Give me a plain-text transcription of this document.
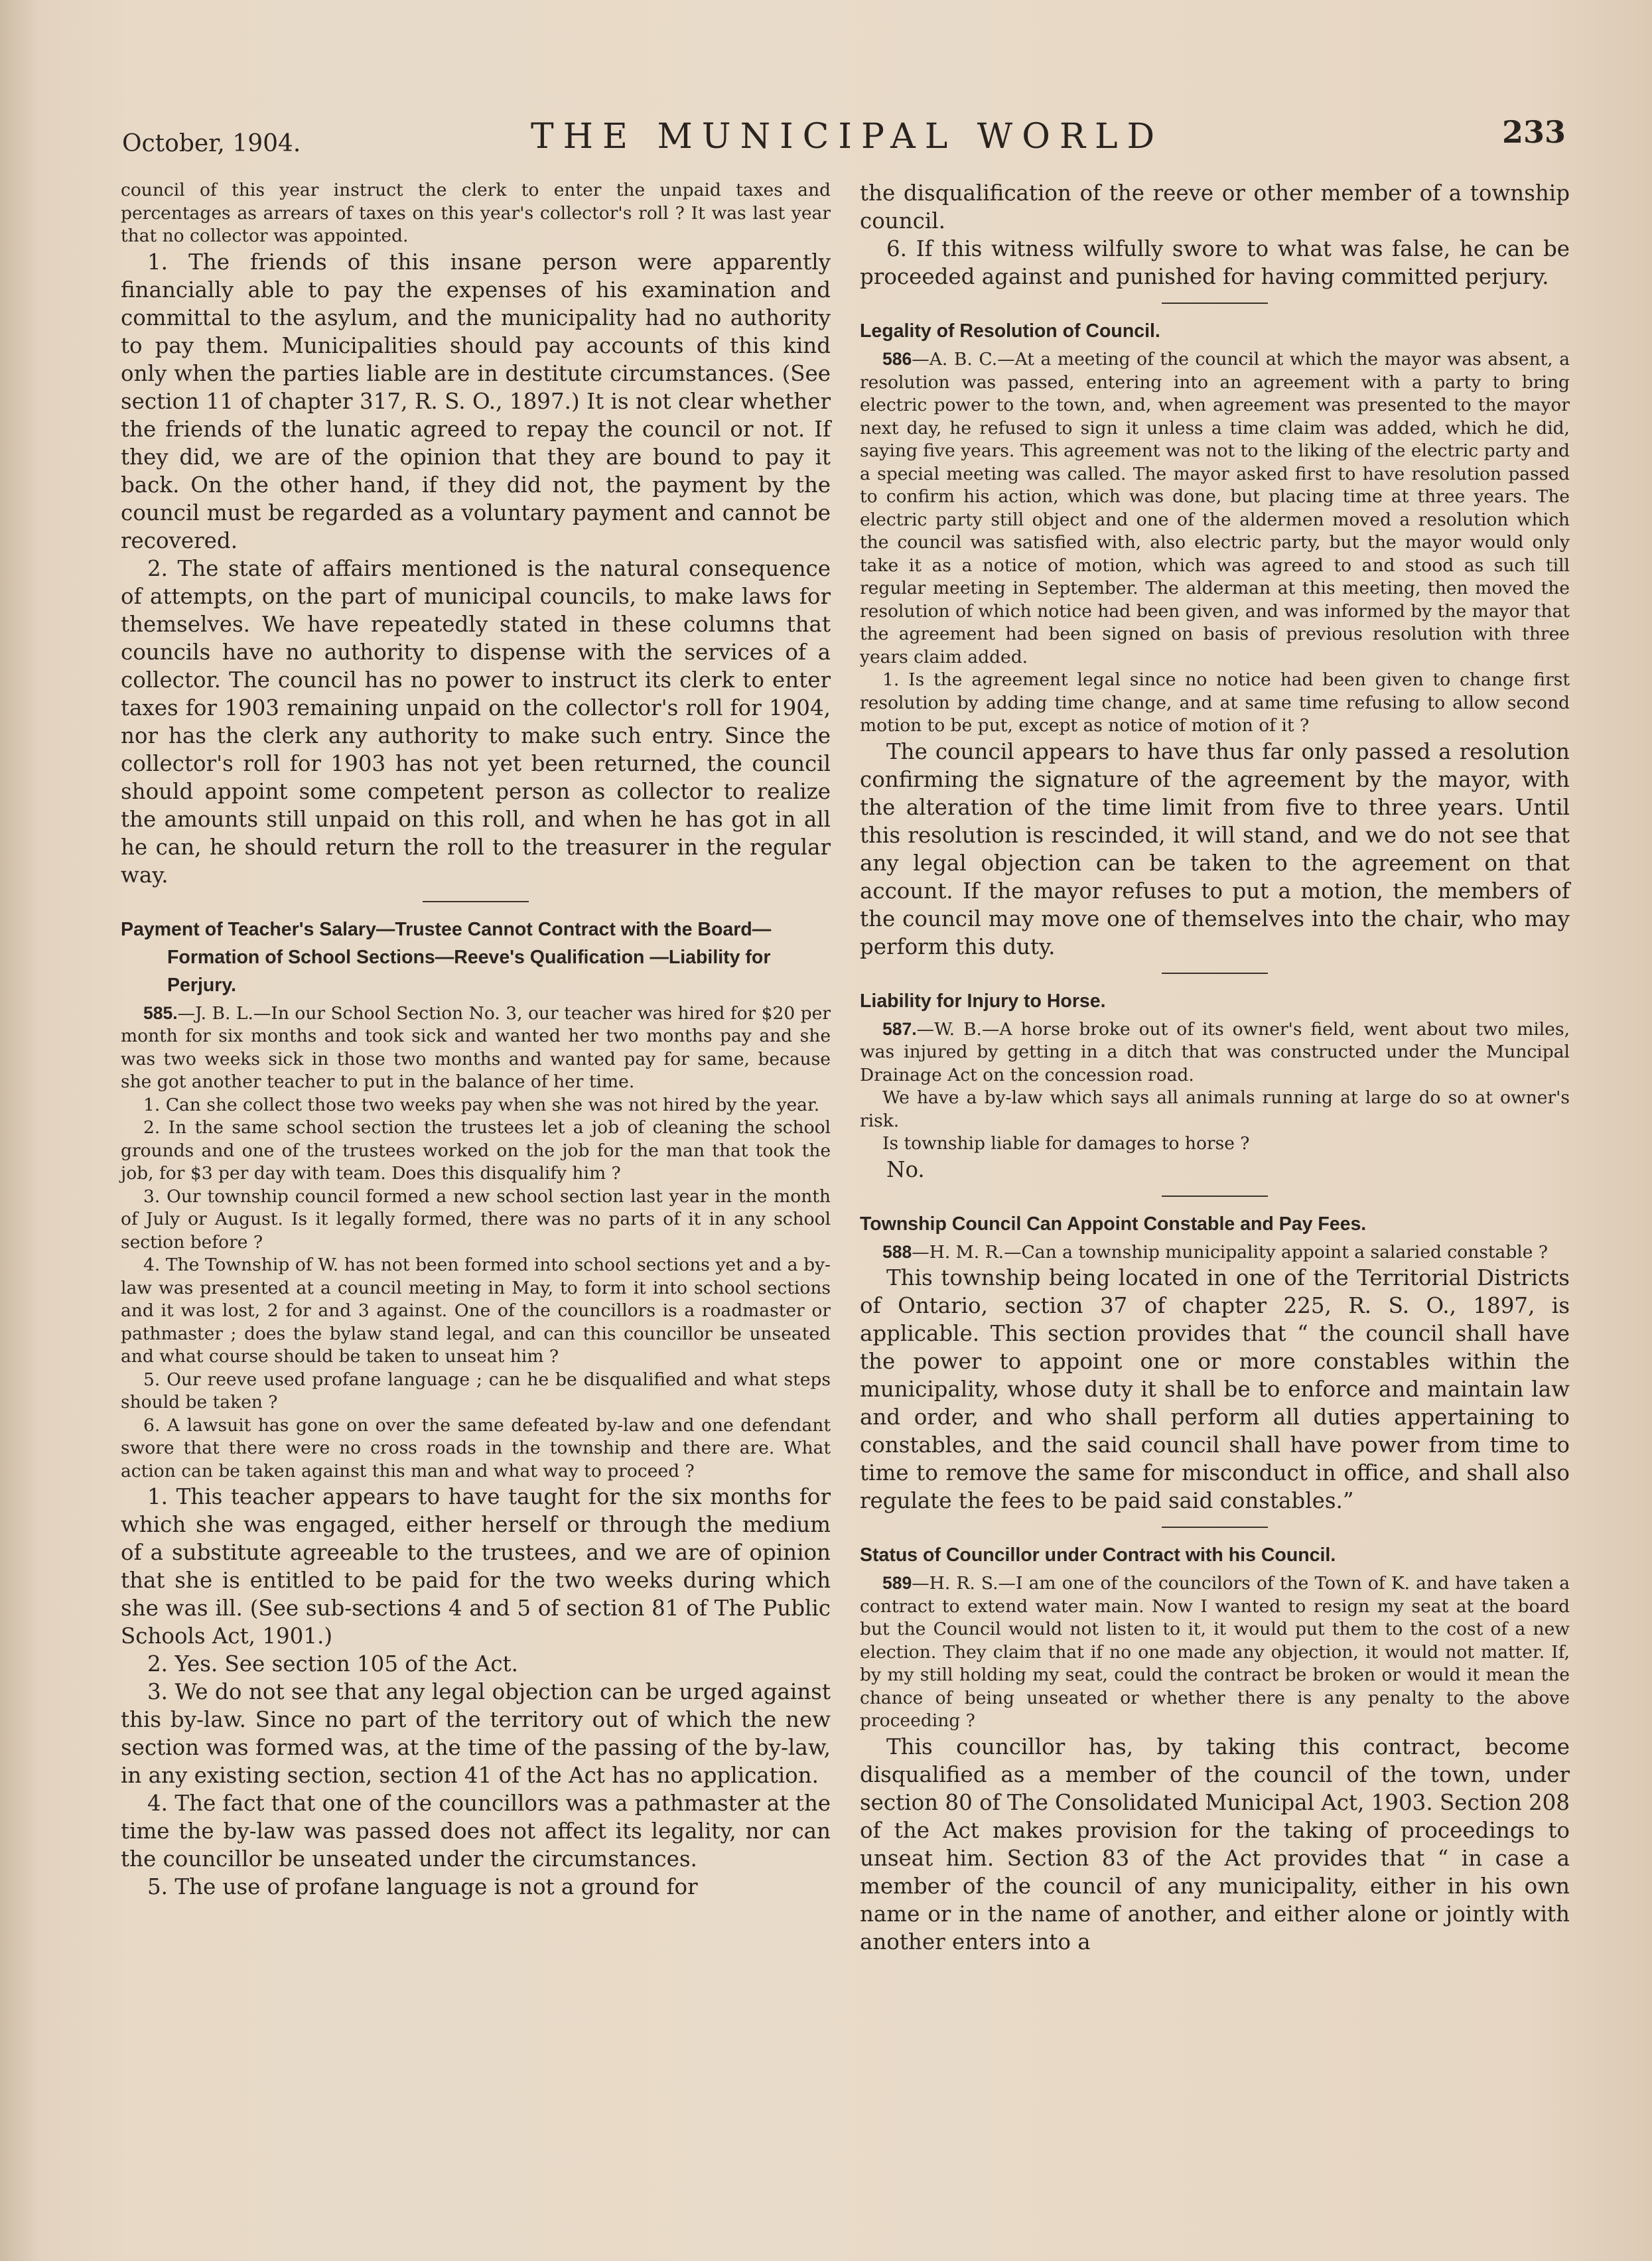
October, 1904.	THE MUNICIPAL WORLD	233

council of this year instruct the clerk to enter the unpaid taxes and percentages as arrears of taxes on this year's collector's roll ? It was last year that no collector was appointed.

1. The friends of this insane person were apparently financially able to pay the expenses of his examination and committal to the asylum, and the municipality had no authority to pay them. Municipalities should pay accounts of this kind only when the parties liable are in destitute circumstances. (See section 11 of chapter 317, R. S. O., 1897.) It is not clear whether the friends of the lunatic agreed to repay the council or not. If they did, we are of the opinion that they are bound to pay it back. On the other hand, if they did not, the payment by the council must be regarded as a voluntary payment and cannot be recovered.

2. The state of affairs mentioned is the natural consequence of attempts, on the part of municipal councils, to make laws for themselves. We have repeatedly stated in these columns that councils have no authority to dispense with the services of a collector. The council has no power to instruct its clerk to enter taxes for 1903 remaining unpaid on the collector's roll for 1904, nor has the clerk any authority to make such entry. Since the collector's roll for 1903 has not yet been returned, the council should appoint some competent person as collector to realize the amounts still unpaid on this roll, and when he has got in all he can, he should return the roll to the treasurer in the regular way.

Payment of Teacher's Salary—Trustee Cannot Contract with the Board—Formation of School Sections—Reeve's Qualification —Liability for Perjury.

585.—J. B. L.—In our School Section No. 3, our teacher was hired for $20 per month for six months and took sick and wanted her two months pay and she was two weeks sick in those two months and wanted pay for same, because she got another teacher to put in the balance of her time.

1. Can she collect those two weeks pay when she was not hired by the year.

2. In the same school section the trustees let a job of cleaning the school grounds and one of the trustees worked on the job for the man that took the job, for $3 per day with team. Does this disqualify him ?

3. Our township council formed a new school section last year in the month of July or August. Is it legally formed, there was no parts of it in any school section before ?

4. The Township of W. has not been formed into school sections yet and a by-law was presented at a council meeting in May, to form it into school sections and it was lost, 2 for and 3 against. One of the councillors is a roadmaster or pathmaster ; does the bylaw stand legal, and can this councillor be unseated and what course should be taken to unseat him ?

5. Our reeve used profane language ; can he be disqualified and what steps should be taken ?

6. A lawsuit has gone on over the same defeated by-law and one defendant swore that there were no cross roads in the township and there are. What action can be taken against this man and what way to proceed ?

1. This teacher appears to have taught for the six months for which she was engaged, either herself or through the medium of a substitute agreeable to the trustees, and we are of opinion that she is entitled to be paid for the two weeks during which she was ill. (See sub-sections 4 and 5 of section 81 of The Public Schools Act, 1901.)

2. Yes. See section 105 of the Act.

3. We do not see that any legal objection can be urged against this by-law. Since no part of the territory out of which the new section was formed was, at the time of the passing of the by-law, in any existing section, section 41 of the Act has no application.

4. The fact that one of the councillors was a pathmaster at the time the by-law was passed does not affect its legality, nor can the councillor be unseated under the circumstances.

5. The use of profane language is not a ground for

the disqualification of the reeve or other member of a township council.

6. If this witness wilfully swore to what was false, he can be proceeded against and punished for having committed perjury.

Legality of Resolution of Council.

586—A. B. C.—At a meeting of the council at which the mayor was absent, a resolution was passed, entering into an agreement with a party to bring electric power to the town, and, when agreement was presented to the mayor next day, he refused to sign it unless a time claim was added, which he did, saying five years. This agreement was not to the liking of the electric party and a special meeting was called. The mayor asked first to have resolution passed to confirm his action, which was done, but placing time at three years. The electric party still object and one of the aldermen moved a resolution which the council was satisfied with, also electric party, but the mayor would only take it as a notice of motion, which was agreed to and stood as such till regular meeting in September. The alderman at this meeting, then moved the resolution of which notice had been given, and was informed by the mayor that the agreement had been signed on basis of previous resolution with three years claim added.

1. Is the agreement legal since no notice had been given to change first resolution by adding time change, and at same time refusing to allow second motion to be put, except as notice of motion of it ?

The council appears to have thus far only passed a resolution confirming the signature of the agreement by the mayor, with the alteration of the time limit from five to three years. Until this resolution is rescinded, it will stand, and we do not see that any legal objection can be taken to the agreement on that account. If the mayor refuses to put a motion, the members of the council may move one of themselves into the chair, who may perform this duty.

Liability for Injury to Horse.

587.—W. B.—A horse broke out of its owner's field, went about two miles, was injured by getting in a ditch that was constructed under the Muncipal Drainage Act on the concession road.

We have a by-law which says all animals running at large do so at owner's risk.

Is township liable for damages to horse ?

No.

Township Council Can Appoint Constable and Pay Fees.

588—H. M. R.—Can a township municipality appoint a salaried constable ?

This township being located in one of the Territorial Districts of Ontario, section 37 of chapter 225, R. S. O., 1897, is applicable. This section provides that “ the council shall have the power to appoint one or more constables within the municipality, whose duty it shall be to enforce and maintain law and order, and who shall perform all duties appertaining to constables, and the said council shall have power from time to time to remove the same for misconduct in office, and shall also regulate the fees to be paid said constables.”

Status of Councillor under Contract with his Council.

589—H. R. S.—I am one of the councilors of the Town of K. and have taken a contract to extend water main. Now I wanted to resign my seat at the board but the Council would not listen to it, it would put them to the cost of a new election. They claim that if no one made any objection, it would not matter. If, by my still holding my seat, could the contract be broken or would it mean the chance of being unseated or whether there is any penalty to the above proceeding ?

This councillor has, by taking this contract, become disqualified as a member of the council of the town, under section 80 of The Consolidated Municipal Act, 1903. Section 208 of the Act makes provision for the taking of proceedings to unseat him. Section 83 of the Act provides that “ in case a member of the council of any municipality, either in his own name or in the name of another, and either alone or jointly with another enters into a
